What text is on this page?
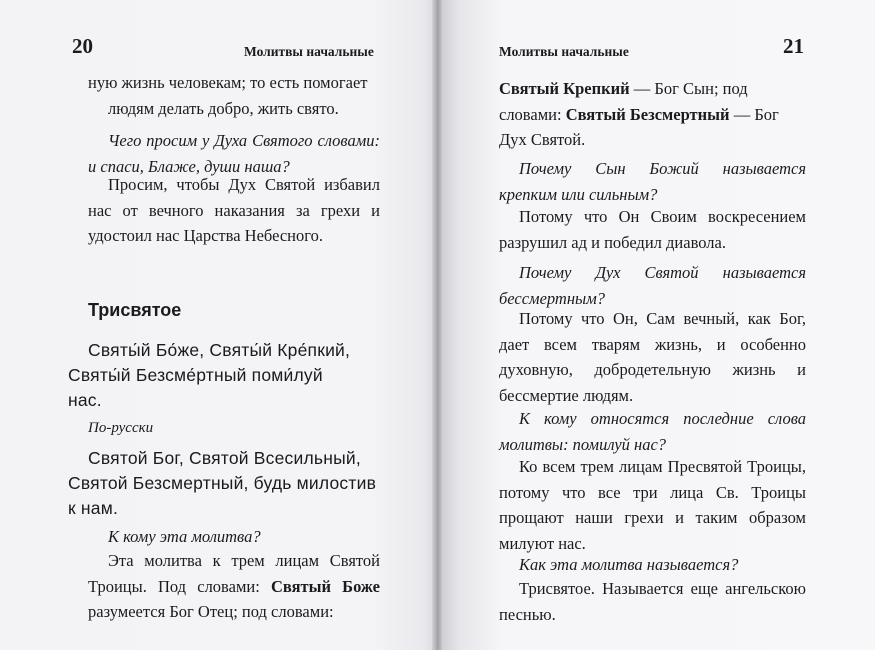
20	Молитвы начальные

ную жизнь человекам; то есть помогает

людям делать добро, жить свято.

Чего просим у Духа Святого словами: и спаси, Блаже, души наша?

Просим, чтобы Дух Святой избавил нас от вечного наказания за грехи и удостоил нас Царства Небесного.

Трисвятое

Святы́й Бо́же, Святы́й Кре́пкий,

Святы́й Безсме́ртный поми́луй

нас.

По-русски

Святой Бог, Святой Всесильный,

Святой Безсмертный, будь милостив

к нам.

К кому эта молитва?

Эта молитва к трем лицам Святой Троицы. Под словами: Святый Боже разумеется Бог Отец; под словами:

Молитвы начальные	21

Святый Крепкий — Бог Сын; под словами: Святый Безсмертный — Бог Дух Святой.

Почему Сын Божий называется крепким или сильным?

Потому что Он Своим воскресением разрушил ад и победил диавола.

Почему Дух Святой называется бессмертным?

Потому что Он, Сам вечный, как Бог, дает всем тварям жизнь, и особенно духовную, добродетельную жизнь и бессмертие людям.

К кому относятся последние слова молитвы: помилуй нас?

Ко всем трем лицам Пресвятой Троицы, потому что все три лица Св. Троицы прощают наши грехи и таким образом милуют нас.

Как эта молитва называется?

Трисвятое. Называется еще ангельскою песнью.
